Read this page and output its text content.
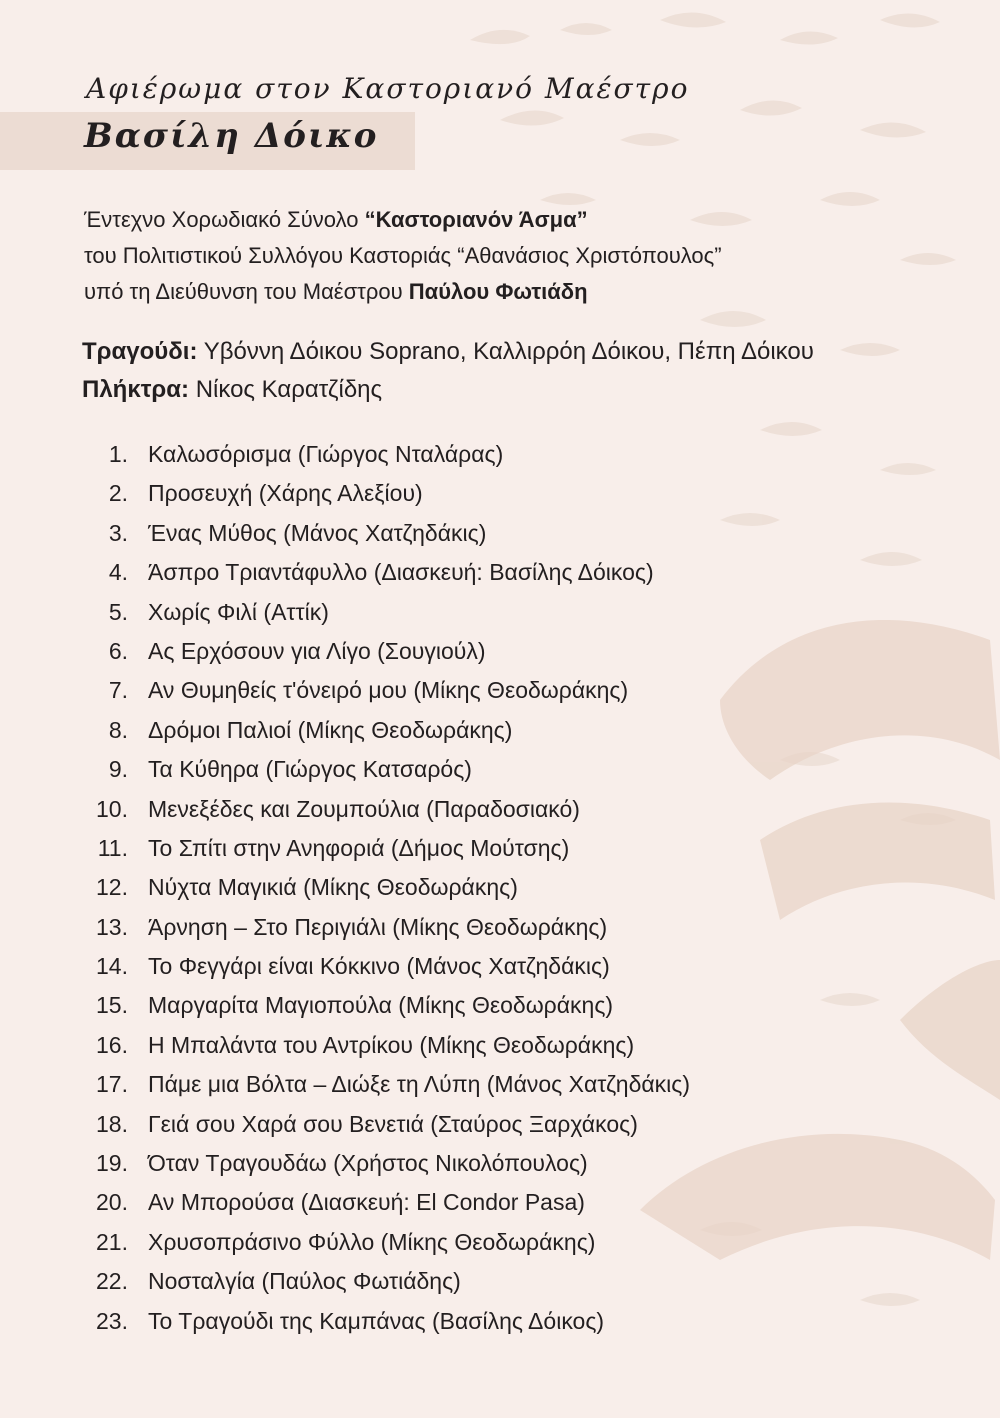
Αφιέρωμα στον Καστοριανό Μαέστρο
Βασίλη Δόικο

Έντεχνο Χορωδιακό Σύνολο “Καστοριανόν Άσμα”

του Πολιτιστικού Συλλόγου Καστοριάς “Αθανάσιος Χριστόπουλος”

υπό τη Διεύθυνση του Μαέστρου Παύλου Φωτιάδη

Τραγούδι: Υβόννη Δόικου Soprano, Καλλιρρόη Δόικου, Πέπη Δόικου

Πλήκτρα: Νίκος Καρατζίδης

1. Καλωσόρισμα (Γιώργος Νταλάρας)
2. Προσευχή (Χάρης Αλεξίου)
3. Ένας Μύθος (Μάνος Χατζηδάκις)
4. Άσπρο Τριαντάφυλλο (Διασκευή: Βασίλης Δόικος)
5. Χωρίς Φιλί (Αττίκ)
6. Ας Ερχόσουν για Λίγο (Σουγιούλ)
7. Αν Θυμηθείς τ'όνειρό μου (Μίκης Θεοδωράκης)
8. Δρόμοι Παλιοί (Μίκης Θεοδωράκης)
9. Τα Κύθηρα (Γιώργος Κατσαρός)
10. Μενεξέδες και Ζουμπούλια (Παραδοσιακό)
11. Το Σπίτι στην Ανηφοριά (Δήμος Μούτσης)
12. Νύχτα Μαγικιά (Μίκης Θεοδωράκης)
13. Άρνηση – Στο Περιγιάλι (Μίκης Θεοδωράκης)
14. Το Φεγγάρι είναι Κόκκινο (Μάνος Χατζηδάκις)
15. Μαργαρίτα Μαγιοπούλα (Μίκης Θεοδωράκης)
16. Η Μπαλάντα του Αντρίκου (Μίκης Θεοδωράκης)
17. Πάμε μια Βόλτα – Διώξε τη Λύπη (Μάνος Χατζηδάκις)
18. Γειά σου Χαρά σου Βενετιά (Σταύρος Ξαρχάκος)
19. Όταν Τραγουδάω (Χρήστος Νικολόπουλος)
20. Αν Μπορούσα (Διασκευή: El Condor Pasa)
21. Χρυσοπράσινο Φύλλο (Μίκης Θεοδωράκης)
22. Νοσταλγία (Παύλος Φωτιάδης)
23. Το Τραγούδι της Καμπάνας (Βασίλης Δόικος)
